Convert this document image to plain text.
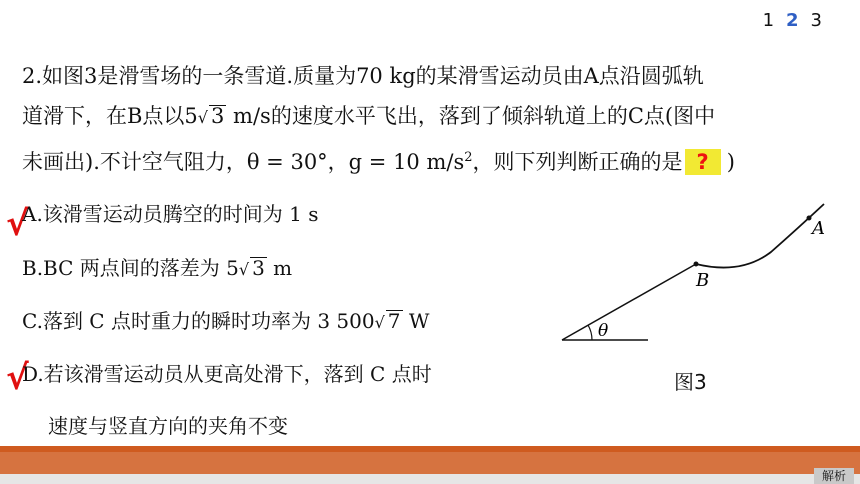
1 2 3
2.如图3是滑雪场的一条雪道.质量为70 kg的某滑雪运动员由A点沿圆弧轨
道滑下，在B点以5√ 3 m/s的速度水平飞出，落到了倾斜轨道上的C点(图中
未画出).不计空气阻力，θ = 30°，g = 10 $m/s^2$，则下列判断正确的是 ? )
√
A.该滑雪运动员腾空的时间为 1 s
B.BC 两点间的落差为 5√ 3 m
C.落到 C 点时重力的瞬时功率为 3 500√ 7 W
√
D.若该滑雪运动员从更高处滑下，落到 C 点时
速度与竖直方向的夹角不变
A
B
θ
图3
解析
